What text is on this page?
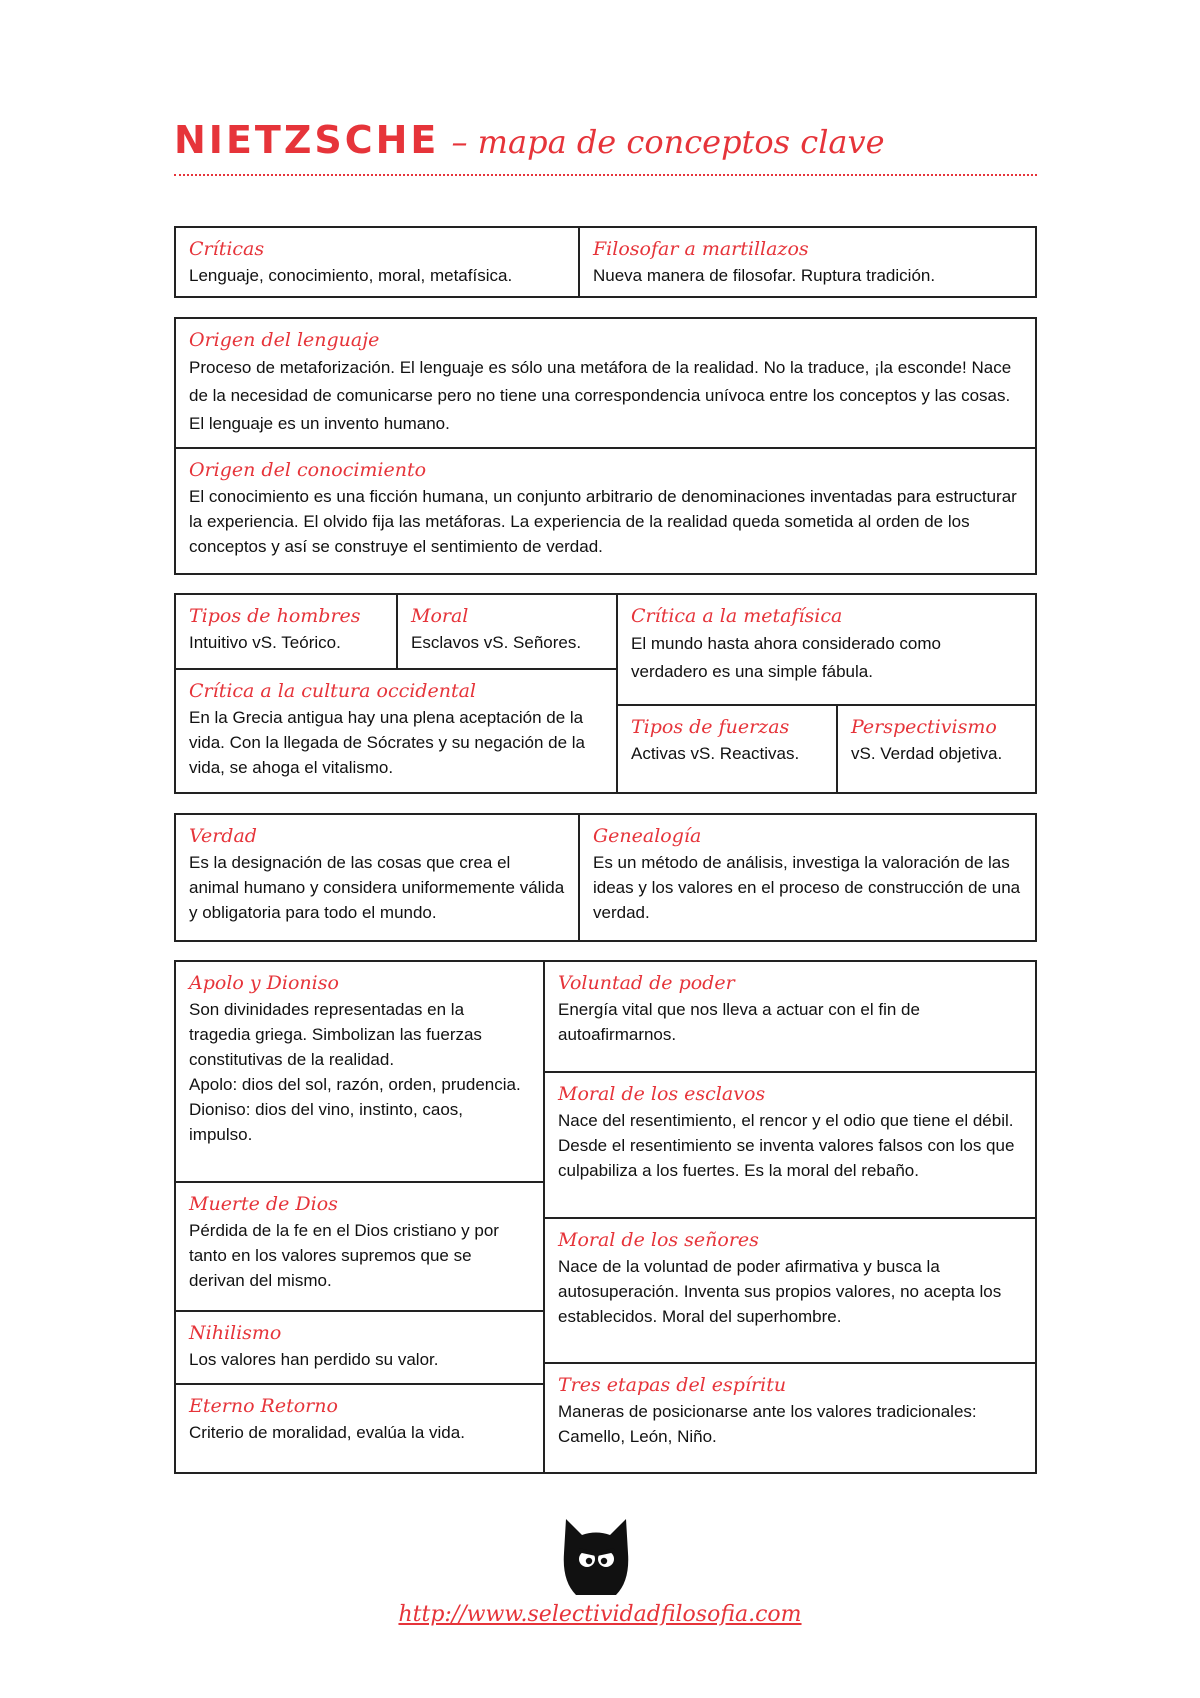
NIETZSCHE – mapa de conceptos clave
Críticas
Lenguaje, conocimiento, moral, metafísica.
Filosofar a martillazos
Nueva manera de filosofar. Ruptura tradición.
Origen del lenguaje
Proceso de metaforización. El lenguaje es sólo una metáfora de la realidad. No la traduce, ¡la esconde! Nace de la necesidad de comunicarse pero no tiene una correspondencia unívoca entre los conceptos y las cosas. El lenguaje es un invento humano.
Origen del conocimiento
El conocimiento es una ficción humana, un conjunto arbitrario de denominaciones inventadas para estructurar la experiencia. El olvido fija las metáforas. La experiencia de la realidad queda sometida al orden de los conceptos y así se construye el sentimiento de verdad.
Tipos de hombres
Intuitivo vS. Teórico.
Moral
Esclavos vS. Señores.
Crítica a la cultura occidental
En la Grecia antigua hay una plena aceptación de la vida. Con la llegada de Sócrates y su negación de la vida, se ahoga el vitalismo.
Crítica a la metafísica
El mundo hasta ahora considerado como verdadero es una simple fábula.
Tipos de fuerzas
Activas vS. Reactivas.
Perspectivismo
vS. Verdad objetiva.
Verdad
Es la designación de las cosas que crea el animal humano y considera uniformemente válida y obligatoria para todo el mundo.
Genealogía
Es un método de análisis, investiga la valoración de las ideas y los valores en el proceso de construcción de una verdad.
Apolo y Dioniso
Son divinidades representadas en la tragedia griega. Simbolizan las fuerzas constitutivas de la realidad.
Apolo: dios del sol, razón, orden, prudencia.
Dioniso: dios del vino, instinto, caos, impulso.
Muerte de Dios
Pérdida de la fe en el Dios cristiano y por tanto en los valores supremos que se derivan del mismo.
Nihilismo
Los valores han perdido su valor.
Eterno Retorno
Criterio de moralidad, evalúa la vida.
Voluntad de poder
Energía vital que nos lleva a actuar con el fin de autoafirmarnos.
Moral de los esclavos
Nace del resentimiento, el rencor y el odio que tiene el débil. Desde el resentimiento se inventa valores falsos con los que culpabiliza a los fuertes. Es la moral del rebaño.
Moral de los señores
Nace de la voluntad de poder afirmativa y busca la autosuperación. Inventa sus propios valores, no acepta los establecidos. Moral del superhombre.
Tres etapas del espíritu
Maneras de posicionarse ante los valores tradicionales: Camello, León, Niño.
http://www.selectividadfilosofia.com
